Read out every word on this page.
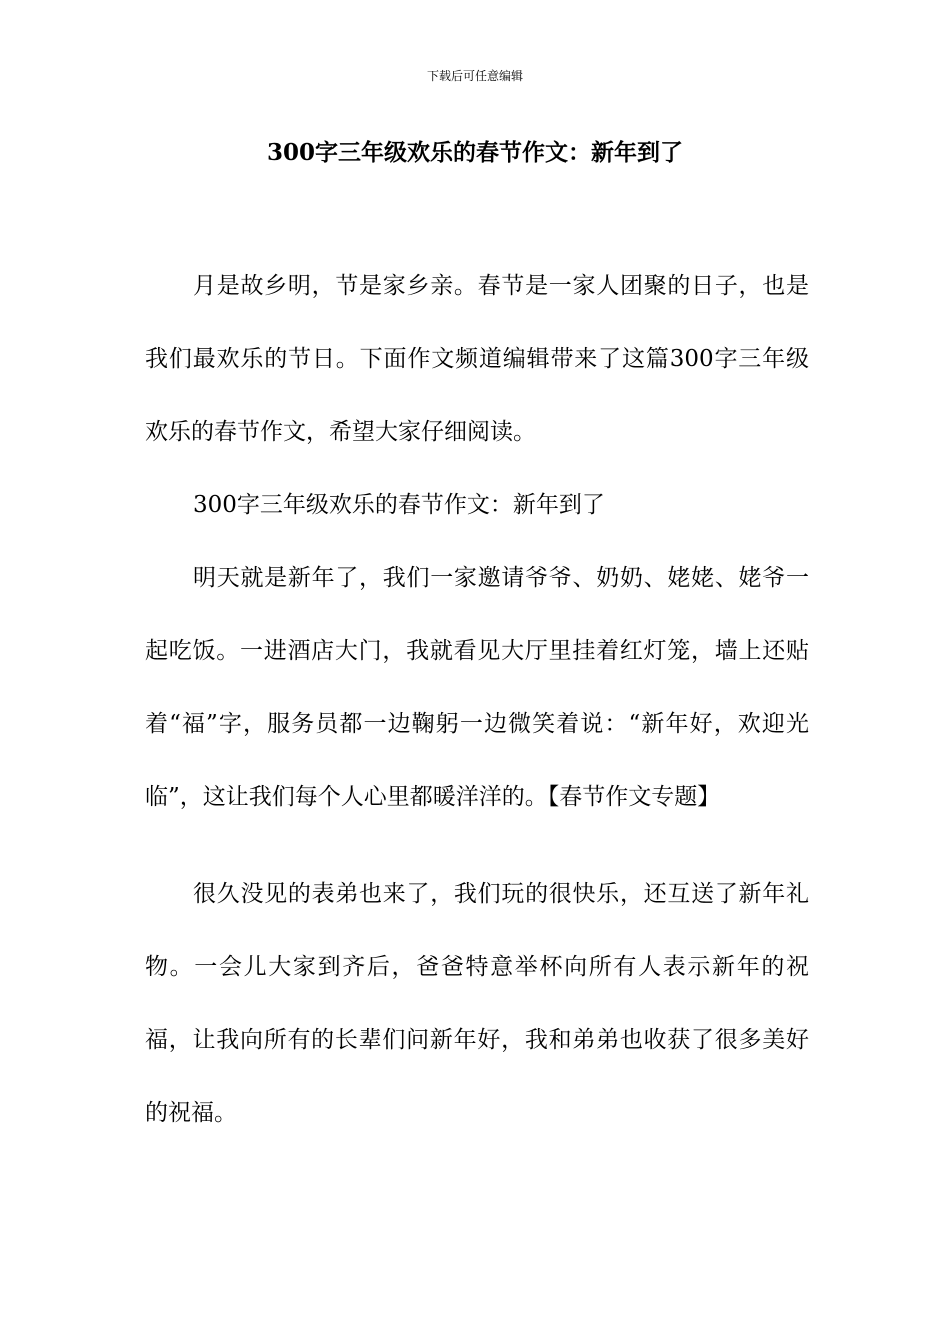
下载后可任意编辑
300字三年级欢乐的春节作文：新年到了

月是故乡明，节是家乡亲。春节是一家人团聚的日子，也是我们最欢乐的节日。下面作文频道编辑带来了这篇300字三年级欢乐的春节作文，希望大家仔细阅读。

300字三年级欢乐的春节作文：新年到了

明天就是新年了，我们一家邀请爷爷、奶奶、姥姥、姥爷一起吃饭。一进酒店大门，我就看见大厅里挂着红灯笼，墙上还贴着“福”字，服务员都一边鞠躬一边微笑着说：“新年好，欢迎光临”，这让我们每个人心里都暖洋洋的。【春节作文专题】

很久没见的表弟也来了，我们玩的很快乐，还互送了新年礼物。一会儿大家到齐后，爸爸特意举杯向所有人表示新年的祝福，让我向所有的长辈们问新年好，我和弟弟也收获了很多美好的祝福。
